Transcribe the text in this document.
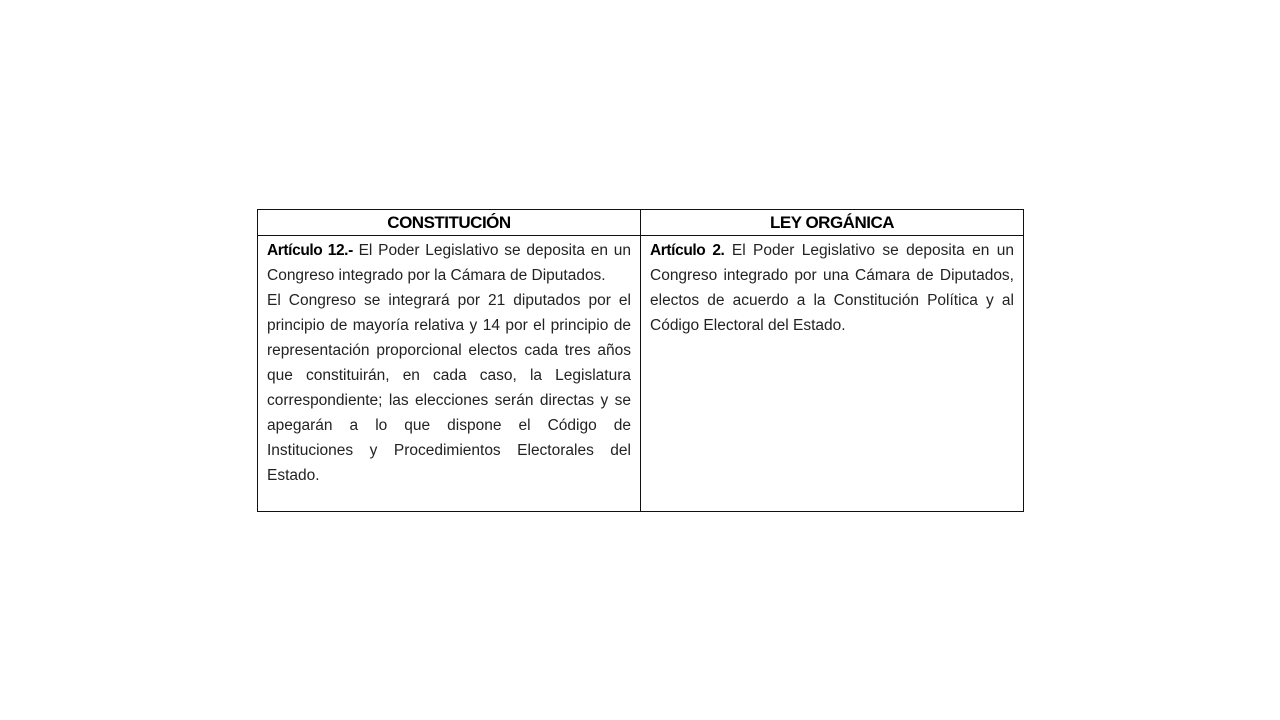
CONSTITUCIÓN	LEY ORGÁNICA

Artículo 12.- El Poder Legislativo se deposita en un Congreso integrado por la Cámara de Diputados.

El Congreso se integrará por 21 diputados por el principio de mayoría relativa y 14 por el principio de representación proporcional electos cada tres años que constituirán, en cada caso, la Legislatura correspondiente; las elecciones serán directas y se apegarán a lo que dispone el Código de Instituciones y Procedimientos Electorales del Estado.	Artículo 2. El Poder Legislativo se deposita en un Congreso integrado por una Cámara de Diputados, electos de acuerdo a la Constitución Política y al Código Electoral del Estado.
